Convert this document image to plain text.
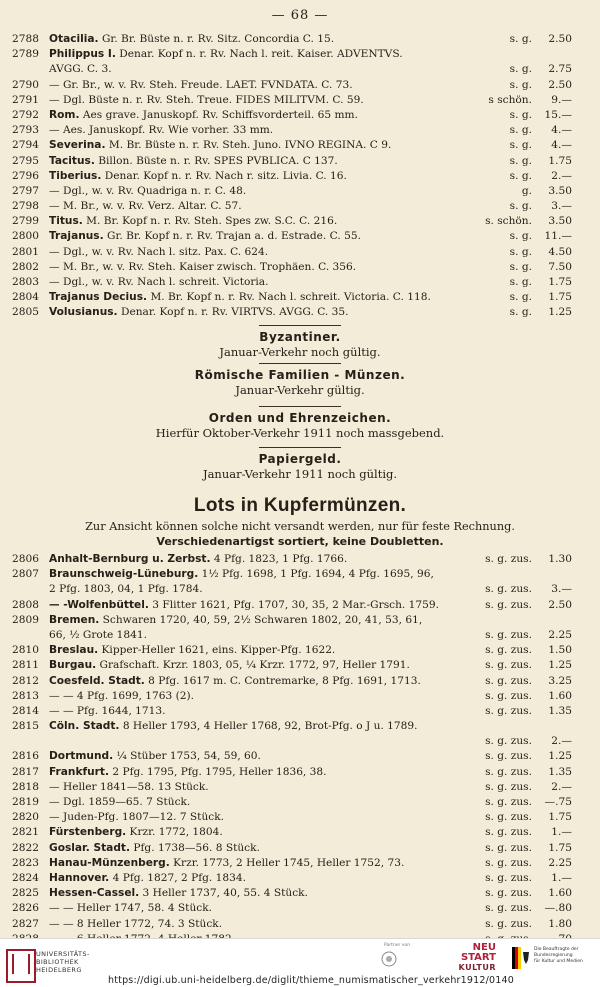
— 68 —
2788 Otacilia. Gr. Br. Büste n. r. Rv. Sitz. Concordia C. 15.	s. g.	2.50
2789 Philippus I. Denar. Kopf n. r. Rv. Nach l. reit. Kaiser. ADVENTVS.
AVGG. C. 3.	s. g.	2.75
2790 — Gr. Br., w. v. Rv. Steh. Freude. LAET. FVNDATA. C. 73.	s. g.	2.50
2791 — Dgl. Büste n. r. Rv. Steh. Treue. FIDES MILITVM. C. 59.	s schön.	9.—
2792 Rom. Aes grave. Januskopf. Rv. Schiffsvorderteil. 65 mm.	s. g.	15.—
2793 — Aes. Januskopf. Rv. Wie vorher. 33 mm.	s. g.	4.—
2794 Severina. M. Br. Büste n. r. Rv. Steh. Juno. IVNO REGINA. C 9.	s. g.	4.—
2795 Tacitus. Billon. Büste n. r. Rv. SPES PVBLICA. C 137.	s. g.	1.75
2796 Tiberius. Denar. Kopf n. r. Rv. Nach r. sitz. Livia. C. 16.	s. g.	2.—
2797 — Dgl., w. v. Rv. Quadriga n. r. C. 48.	g.	3.50
2798 — M. Br., w. v. Rv. Verz. Altar. C. 57.	s. g.	3.—
2799 Titus. M. Br. Kopf n. r. Rv. Steh. Spes zw. S.C. C. 216.	s. schön.	3.50
2800 Trajanus. Gr. Br. Kopf n. r. Rv. Trajan a. d. Estrade. C. 55.	s. g.	11.—
2801 — Dgl., w. v. Rv. Nach l. sitz. Pax. C. 624.	s. g.	4.50
2802 — M. Br., w. v. Rv. Steh. Kaiser zwisch. Trophäen. C. 356.	s. g.	7.50
2803 — Dgl., w. v. Rv. Nach l. schreit. Victoria.	s. g.	1.75
2804 Trajanus Decius. M. Br. Kopf n. r. Rv. Nach l. schreit. Victoria. C. 118.	s. g.	1.75
2805 Volusianus. Denar. Kopf n. r. Rv. VIRTVS. AVGG. C. 35.	s. g.	1.25
Byzantiner.
Januar-Verkehr noch gültig.
Römische Familien - Münzen.
Januar-Verkehr gültig.
Orden und Ehrenzeichen.
Hierfür Oktober-Verkehr 1911 noch massgebend.
Papiergeld.
Januar-Verkehr 1911 noch gültig.
Lots in Kupfermünzen.
Zur Ansicht können solche nicht versandt werden, nur für feste Rechnung.
Verschiedenartigst sortiert, keine Doubletten.
2806 Anhalt-Bernburg u. Zerbst. 4 Pfg. 1823, 1 Pfg. 1766.	s. g. zus.	1.30
2807 Braunschweig-Lüneburg. 1½ Pfg. 1698, 1 Pfg. 1694, 4 Pfg. 1695, 96,
2 Pfg. 1803, 04, 1 Pfg. 1784.	s. g. zus.	3.—
2808 — -Wolfenbüttel. 3 Flitter 1621, Pfg. 1707, 30, 35, 2 Mar.-Grsch. 1759.	s. g. zus.	2.50
2809 Bremen. Schwaren 1720, 40, 59, 2½ Schwaren 1802, 20, 41, 53, 61,
66, ½ Grote 1841.	s. g. zus.	2.25
2810 Breslau. Kipper-Heller 1621, eins. Kipper-Pfg. 1622.	s. g. zus.	1.50
2811 Burgau. Grafschaft. Krzr. 1803, 05, ¼ Krzr. 1772, 97, Heller 1791.	s. g. zus.	1.25
2812 Coesfeld. Stadt. 8 Pfg. 1617 m. C. Contremarke, 8 Pfg. 1691, 1713.	s. g. zus.	3.25
2813 — — 4 Pfg. 1699, 1763 (2).	s. g. zus.	1.60
2814 — — Pfg. 1644, 1713.	s. g. zus.	1.35
2815 Cöln. Stadt. 8 Heller 1793, 4 Heller 1768, 92, Brot-Pfg. o J u. 1789.
s. g. zus.	2.—
2816 Dortmund. ¼ Stüber 1753, 54, 59, 60.	s. g. zus.	1.25
2817 Frankfurt. 2 Pfg. 1795, Pfg. 1795, Heller 1836, 38.	s. g. zus.	1.35
2818 — Heller 1841—58. 13 Stück.	s. g. zus.	2.—
2819 — Dgl. 1859—65. 7 Stück.	s. g. zus.	—.75
2820 — Juden-Pfg. 1807—12. 7 Stück.	s. g. zus.	1.75
2821 Fürstenberg. Krzr. 1772, 1804.	s. g. zus.	1.—
2822 Goslar. Stadt. Pfg. 1738—56. 8 Stück.	s. g. zus.	1.75
2823 Hanau-Münzenberg. Krzr. 1773, 2 Heller 1745, Heller 1752, 73.	s. g. zus.	2.25
2824 Hannover. 4 Pfg. 1827, 2 Pfg. 1834.	s. g. zus.	1.—
2825 Hessen-Cassel. 3 Heller 1737, 40, 55. 4 Stück.	s. g. zus.	1.60
2826 — — Heller 1747, 58. 4 Stück.	s. g. zus.	—.80
2827 — — 8 Heller 1772, 74. 3 Stück.	s. g. zus.	1.80
UNIVERSITÄTS-
BIBLIOTHEK
HEIDELBERG
Partner von	NEU
START
KULTUR
Die Beauftragte der Bundesregierung
für Kultur und Medien
https://digi.ub.uni-heidelberg.de/diglit/thieme_numismatischer_verkehr1912/0140
